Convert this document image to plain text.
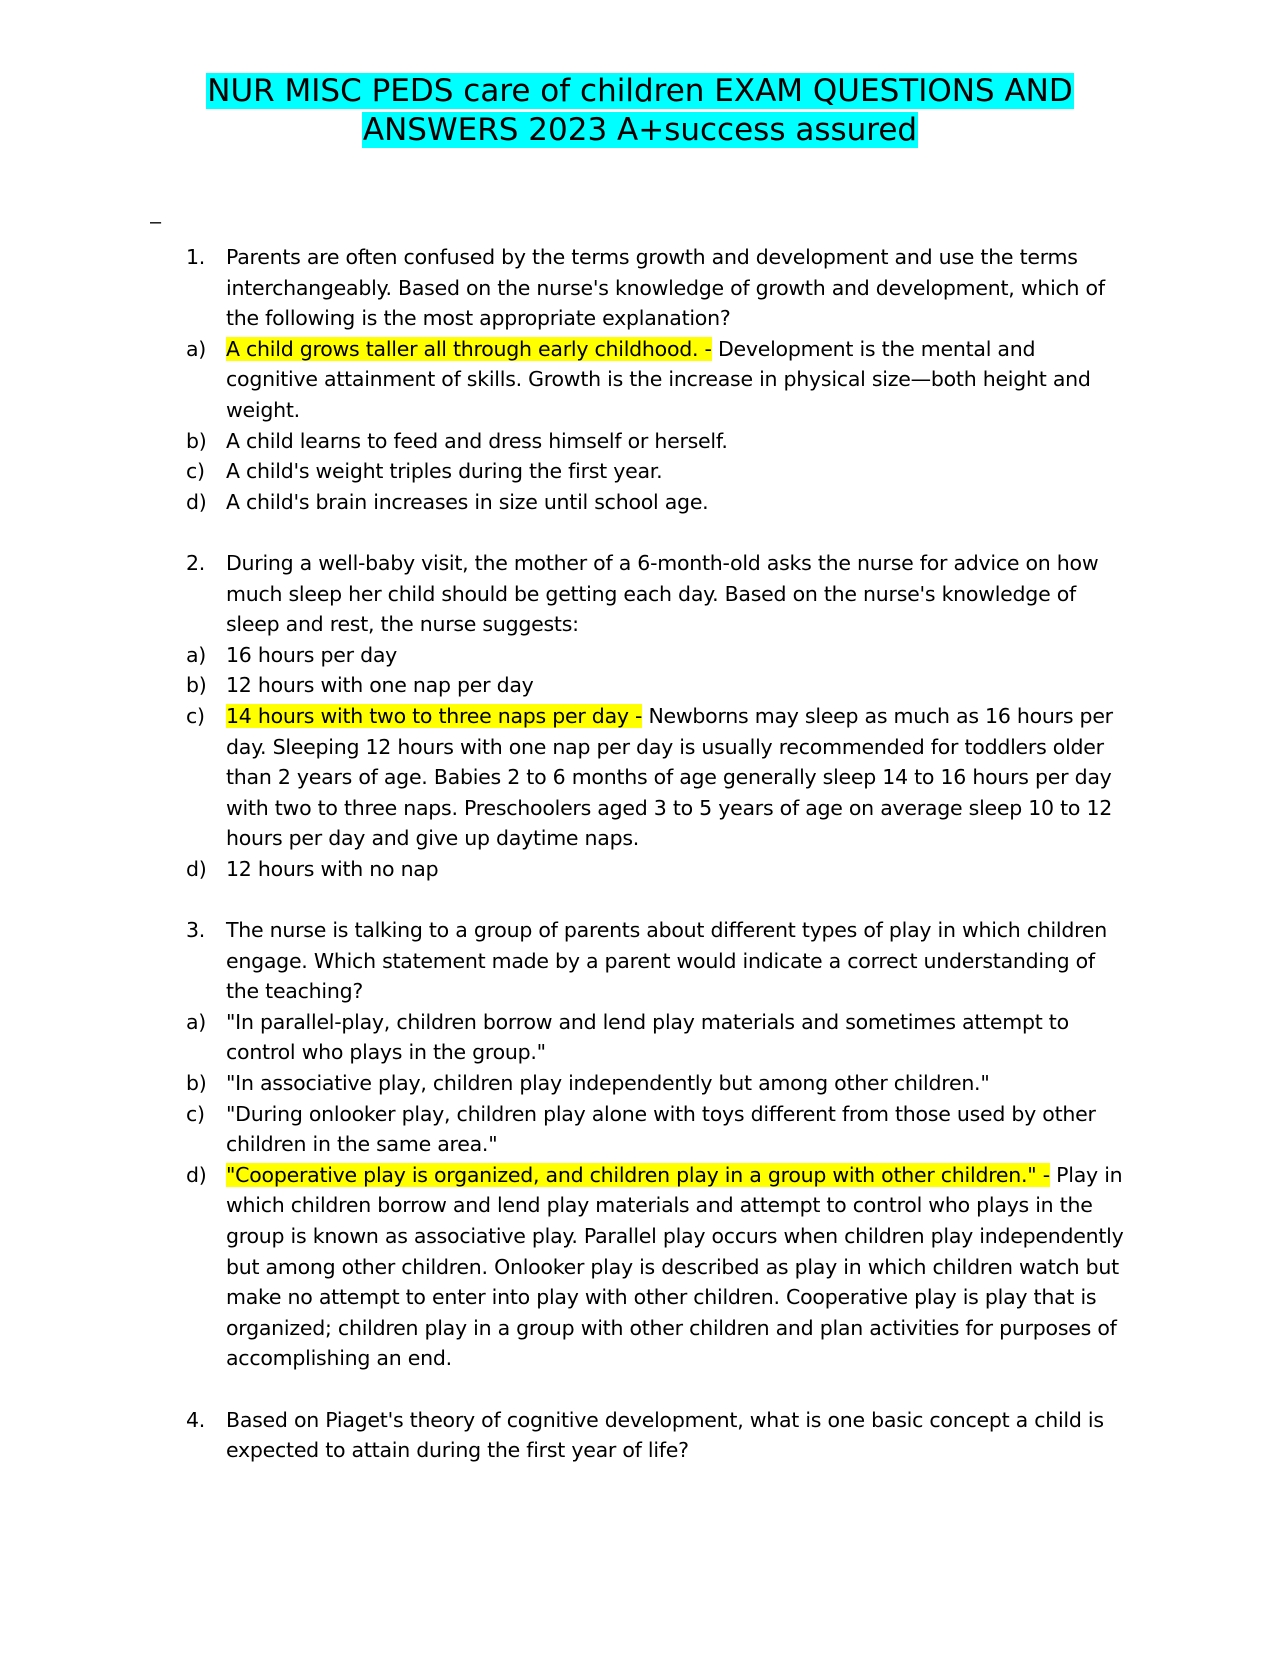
NUR MISC PEDS care of children EXAM QUESTIONS AND
ANSWERS 2023 A+success assured
–
1.	Parents are often confused by the terms growth and development and use the terms interchangeably. Based on the nurse's knowledge of growth and development, which of the following is the most appropriate explanation?
a) A child grows taller all through early childhood. - Development is the mental and cognitive attainment of skills. Growth is the increase in physical size—both height and weight.
b) A child learns to feed and dress himself or herself.
c)	A child's weight triples during the first year.
d) A child's brain increases in size until school age.
2.	During a well-baby visit, the mother of a 6-month-old asks the nurse for advice on how much sleep her child should be getting each day. Based on the nurse's knowledge of sleep and rest, the nurse suggests:
a) 16 hours per day
b) 12 hours with one nap per day
c)	14 hours with two to three naps per day - Newborns may sleep as much as 16 hours per day. Sleeping 12 hours with one nap per day is usually recommended for toddlers older than 2 years of age. Babies 2 to 6 months of age generally sleep 14 to 16 hours per day with two to three naps. Preschoolers aged 3 to 5 years of age on average sleep 10 to 12 hours per day and give up daytime naps.
d) 12 hours with no nap
3.	The nurse is talking to a group of parents about different types of play in which children engage. Which statement made by a parent would indicate a correct understanding of the teaching?
a) "In parallel-play, children borrow and lend play materials and sometimes attempt to control who plays in the group."
b) "In associative play, children play independently but among other children."
c)	"During onlooker play, children play alone with toys different from those used by other children in the same area."
d) "Cooperative play is organized, and children play in a group with other children." - Play in which children borrow and lend play materials and attempt to control who plays in the group is known as associative play. Parallel play occurs when children play independently but among other children. Onlooker play is described as play in which children watch but make no attempt to enter into play with other children. Cooperative play is play that is organized; children play in a group with other children and plan activities for purposes of accomplishing an end.
4.	Based on Piaget's theory of cognitive development, what is one basic concept a child is expected to attain during the first year of life?
